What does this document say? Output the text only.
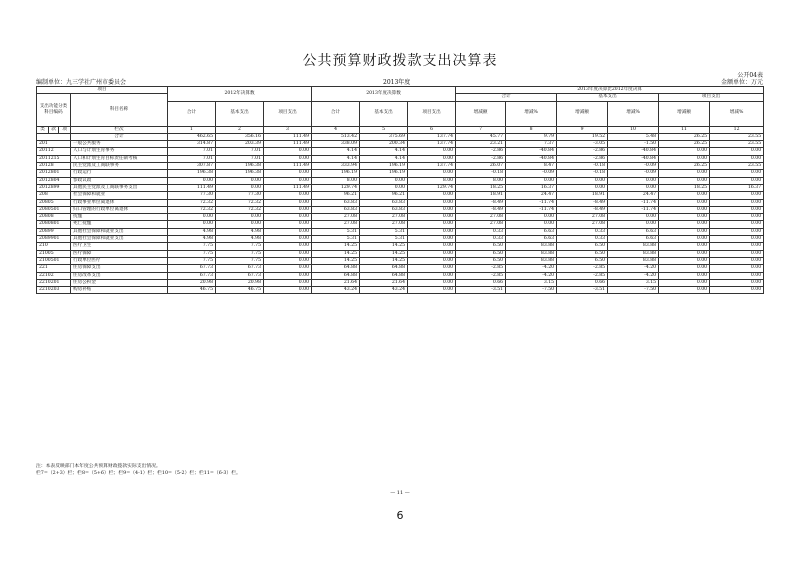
公共预算财政拨款支出决算表
公开04表
编制单位：九三学社广州市委员会	2013年度	金额单位：万元
项目				2012年决算数			2013年度决算数			2013年度决算比2012年度决算					
支出功能分类科目编码			科目名称							合计		基本支出		项目支出	
				合计	基本支出	项目支出	合计	基本支出	项目支出	增减额	增减%	增减额	增减%	增减额	增减%
类	款	项	栏次	1	2	3	4	5	6	7	8	9	10	11	12
			合计	462.65	356.16	111.49	513.42	375.69	137.74	45.77	9.79	19.52	5.48	26.25	23.55
201			一般公共服务	314.87	203.39	111.49	338.09	200.34	137.74	23.21	7.37	-3.05	-1.50	26.25	23.55
20112			人口与计划生育事务	7.01	7.01	0.00	4.14	4.14	0.00	-2.86	-40.84	-2.86	-40.84	0.00	0.00
2011215			人口和计划生育目标责任制考核	7.01	7.01	0.00	4.14	4.14	0.00	-2.86	-40.84	-2.86	-40.84	0.00	0.00
20128			民主党派及工商联事务	307.87	196.38	111.49	333.94	196.19	137.74	26.07	8.47	-0.18	-0.09	26.25	23.55
2012801			行政运行	196.38	196.38	0.00	196.19	196.19	0.00	-0.18	-0.09	-0.18	-0.09	0.00	0.00
2012804			参政议政	0.00	0.00	0.00	8.00	0.00	8.00	8.00	0.00	0.00	0.00	0.00	0.00
2012899			其他民主党派及工商联事务支出	111.49	0.00	111.49	129.74	0.00	129.74	18.25	16.37	0.00	0.00	18.25	16.37
208			社会保障和就业	77.30	77.30	0.00	96.21	96.21	0.00	18.91	24.47	18.91	24.47	0.00	0.00
20805			行政事业单位离退休	72.32	72.32	0.00	63.83	63.83	0.00	-8.49	-11.74	-8.49	-11.74	0.00	0.00
2080501			归口管理的行政单位离退休	72.32	72.32	0.00	63.83	63.83	0.00	-8.49	-11.74	-8.49	-11.74	0.00	0.00
20808			抚恤	0.00	0.00	0.00	27.08	27.08	0.00	27.08	0.00	27.08	0.00	0.00	0.00
2080801			死亡抚恤	0.00	0.00	0.00	27.08	27.08	0.00	27.08	0.00	27.08	0.00	0.00	0.00
20899			其他社会保障和就业支出	4.98	4.98	0.00	5.31	5.31	0.00	0.33	6.63	0.33	6.63	0.00	0.00
2089901			其他社会保障和就业支出	4.98	4.98	0.00	5.31	5.31	0.00	0.33	6.63	0.33	6.63	0.00	0.00
210			医疗卫生	7.75	7.75	0.00	14.25	14.25	0.00	6.50	83.88	6.50	83.88	0.00	0.00
21005			医疗保障	7.75	7.75	0.00	14.25	14.25	0.00	6.50	83.88	6.50	83.88	0.00	0.00
2100501			行政单位医疗	7.75	7.75	0.00	14.25	14.25	0.00	6.50	83.88	6.50	83.88	0.00	0.00
221			住房保障支出	67.73	67.73	0.00	64.88	64.88	0.00	-2.85	-4.20	-2.85	-4.20	0.00	0.00
22102			住房改革支出	67.73	67.73	0.00	64.88	64.88	0.00	-2.85	-4.20	-2.85	-4.20	0.00	0.00
2210201			住房公积金	20.98	20.98	0.00	21.64	21.64	0.00	0.66	3.15	0.66	3.15	0.00	0.00
2210203			购房补贴	46.75	46.75	0.00	43.24	43.24	0.00	-3.51	-7.50	-3.51	-7.50	0.00	0.00
注：本表反映部门本年度公共预算财政拨款实际支出情况。
栏7=（2+3）栏；栏8=（5+6）栏；栏9=（4-1）栏；栏10=（5-2）栏；栏11=（6-3）栏。
— 11 —
6
